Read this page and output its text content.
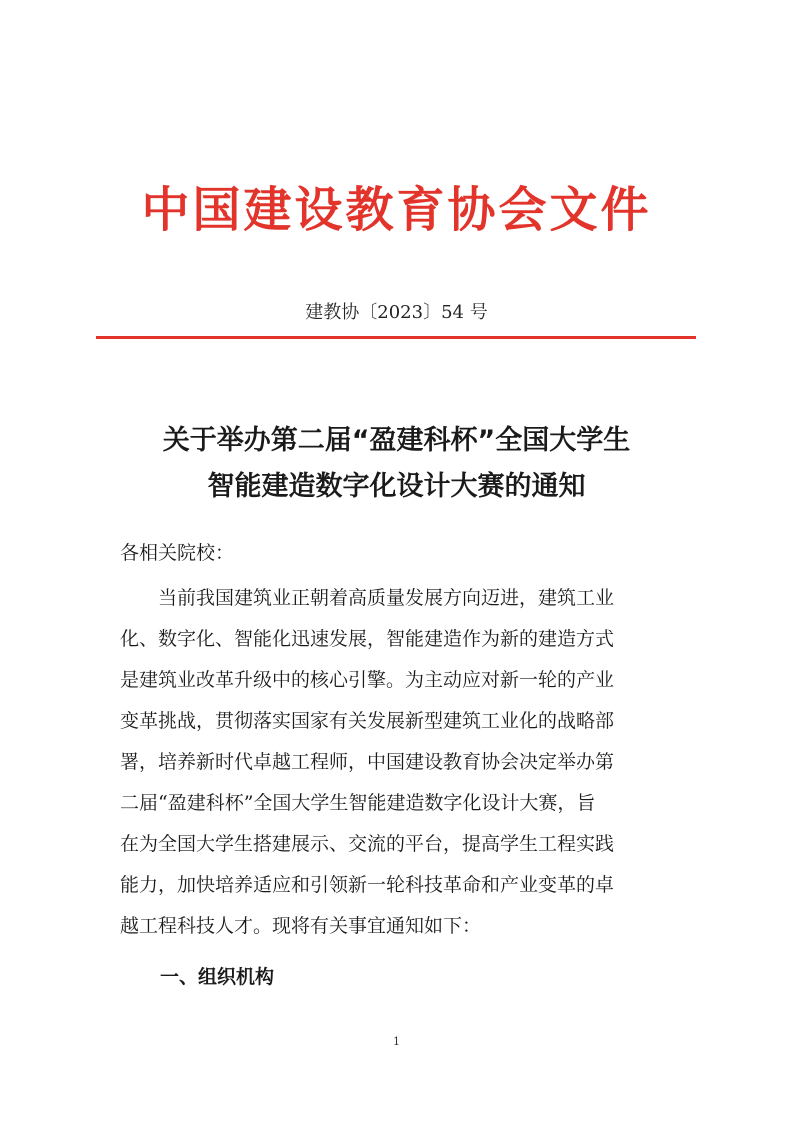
中国建设教育协会文件
建教协〔2023〕54 号
关于举办第二届“盈建科杯”全国大学生
智能建造数字化设计大赛的通知
各相关院校：
　　当前我国建筑业正朝着高质量发展方向迈进，建筑工业
化、数字化、智能化迅速发展，智能建造作为新的建造方式
是建筑业改革升级中的核心引擎。为主动应对新一轮的产业
变革挑战，贯彻落实国家有关发展新型建筑工业化的战略部
署，培养新时代卓越工程师，中国建设教育协会决定举办第
二届“盈建科杯”全国大学生智能建造数字化设计大赛，旨
在为全国大学生搭建展示、交流的平台，提高学生工程实践
能力，加快培养适应和引领新一轮科技革命和产业变革的卓
越工程科技人才。现将有关事宜通知如下：
一、组织机构
1
